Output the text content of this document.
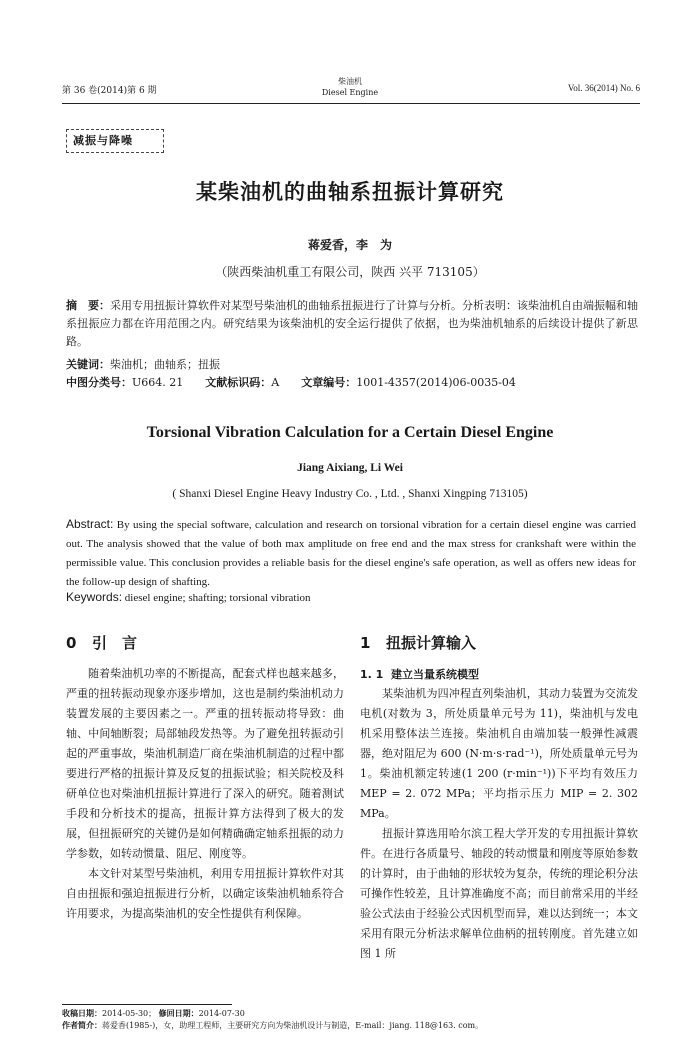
第 36 卷(2014)第 6 期
柴油机
Diesel Engine	Vol. 36(2014) No. 6
减振与降噪
某柴油机的曲轴系扭振计算研究
蒋爱香，李　为
（陕西柴油机重工有限公司，陕西 兴平 713105）
摘　要：采用专用扭振计算软件对某型号柴油机的曲轴系扭振进行了计算与分析。分析表明：该柴油机自由端振幅和轴系扭振应力都在许用范围之内。研究结果为该柴油机的安全运行提供了依据，也为柴油机轴系的后续设计提供了新思路。
关键词：柴油机；曲轴系；扭振
中图分类号：U664. 21 文献标识码：A 文章编号：1001-4357(2014)06-0035-04
Torsional Vibration Calculation for a Certain Diesel Engine
Jiang Aixiang, Li Wei
( Shanxi Diesel Engine Heavy Industry Co. , Ltd. , Shanxi Xingping 713105)
Abstract: By using the special software, calculation and research on torsional vibration for a certain diesel engine was carried out. The analysis showed that the value of both max amplitude on free end and the max stress for crankshaft were within the permissible value. This conclusion provides a reliable basis for the diesel engine's safe operation, as well as offers new ideas for the follow-up design of shafting.
Keywords: diesel engine; shafting; torsional vibration
0 引　言

随着柴油机功率的不断提高，配套式样也越来越多，严重的扭转振动现象亦逐步增加，这也是制约柴油机动力装置发展的主要因素之一。严重的扭转振动将导致：曲轴、中间轴断裂；局部轴段发热等。为了避免扭转振动引起的严重事故，柴油机制造厂商在柴油机制造的过程中都要进行严格的扭振计算及反复的扭振试验；相关院校及科研单位也对柴油机扭振计算进行了深入的研究。随着测试手段和分析技术的提高，扭振计算方法得到了极大的发展，但扭振研究的关键仍是如何精确确定轴系扭振的动力学参数，如转动惯量、阻尼、刚度等。

本文针对某型号柴油机，利用专用扭振计算软件对其自由扭振和强迫扭振进行分析，以确定该柴油机轴系符合许用要求，为提高柴油机的安全性提供有利保障。

1 扭振计算输入
1. 1 建立当量系统模型

某柴油机为四冲程直列柴油机，其动力装置为交流发电机(对数为 3，所处质量单元号为 11)，柴油机与发电机采用整体法兰连接。柴油机自由端加装一般弹性减震器，绝对阻尼为 600 (N·m·s·rad⁻¹)，所处质量单元号为 1。柴油机额定转速(1 200 (r·min⁻¹))下平均有效压力 MEP = 2. 072 MPa；平均指示压力 MIP = 2. 302 MPa。

扭振计算选用哈尔滨工程大学开发的专用扭振计算软件。在进行各质量号、轴段的转动惯量和刚度等原始参数的计算时，由于曲轴的形状较为复杂，传统的理论积分法可操作性较差，且计算准确度不高；而目前常采用的半经验公式法由于经验公式因机型而异，难以达到统一；本文采用有限元分析法求解单位曲柄的扭转刚度。首先建立如图 1 所

收稿日期：2014-05-30； 修回日期：2014-07-30
作者简介：蒋爱香(1985-)，女，助理工程师，主要研究方向为柴油机设计与制造，E-mail：jiang. 118@163. com。
